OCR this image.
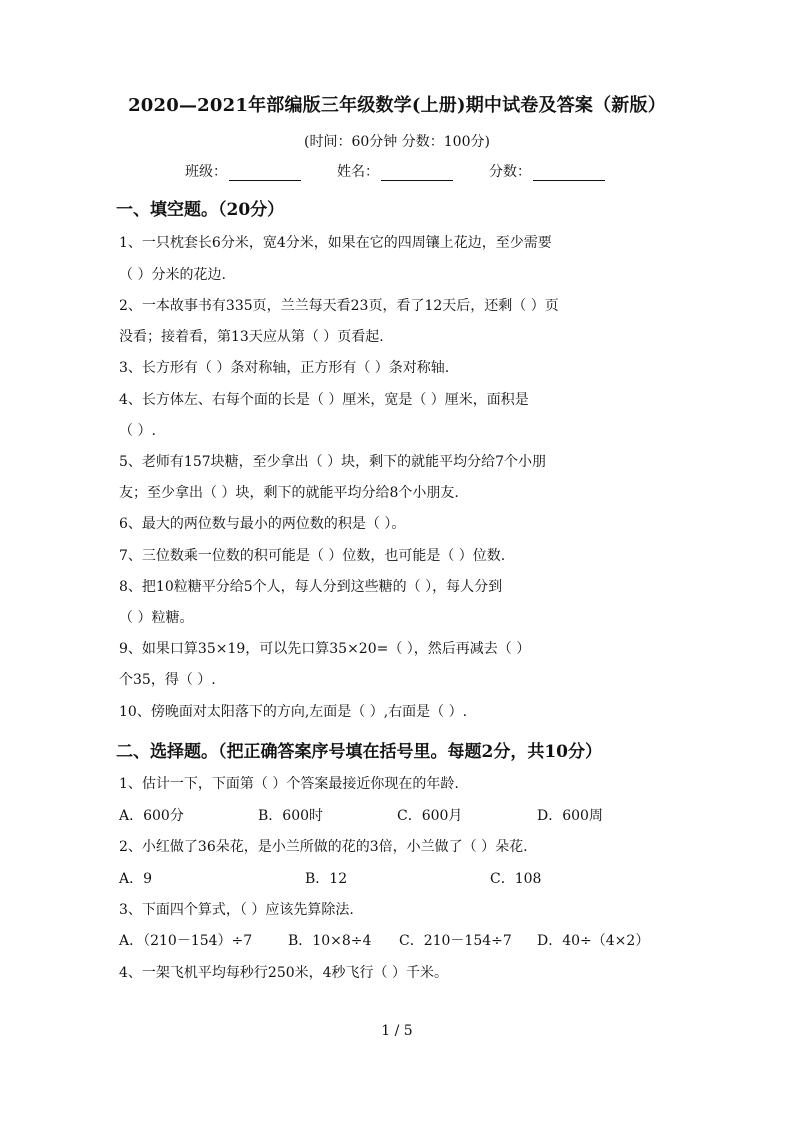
2020—2021年部编版三年级数学(上册)期中试卷及答案（新版）
(时间：60分钟 分数：100分)
班级：	姓名：	分数：
一、填空题。（20分）
1、一只枕套长6分米，宽4分米，如果在它的四周镶上花边，至少需要
（ ）分米的花边.
2、一本故事书有335页，兰兰每天看23页，看了12天后，还剩（ ）页
没看；接着看，第13天应从第（ ）页看起.
3、长方形有（ ）条对称轴，正方形有（ ）条对称轴.
4、长方体左、右每个面的长是（ ）厘米，宽是（ ）厘米，面积是
（ ）.
5、老师有157块糖，至少拿出（ ）块，剩下的就能平均分给7个小朋
友；至少拿出（ ）块，剩下的就能平均分给8个小朋友.
6、最大的两位数与最小的两位数的积是（ ）。
7、三位数乘一位数的积可能是（ ）位数，也可能是（ ）位数.
8、把10粒糖平分给5个人，每人分到这些糖的（ ），每人分到
（ ）粒糖。
9、如果口算35×19，可以先口算35×20=（ ），然后再减去（ ）
个35，得（ ）.
10、傍晚面对太阳落下的方向,左面是（ ）,右面是（ ）.
二、选择题。（把正确答案序号填在括号里。每题2分，共10分）
1、估计一下，下面第（ ）个答案最接近你现在的年龄.
A．600分	B．600时	C．600月	D．600周
2、小红做了36朵花，是小兰所做的花的3倍，小兰做了（ ）朵花.
A．9	B．12	C．108
3、下面四个算式，（ ）应该先算除法.
A．（210－154）÷7	B．10×8÷4 C．210－154÷7 D．40÷（4×2）
4、一架飞机平均每秒行250米，4秒飞行（ ）千米。
1 / 5
